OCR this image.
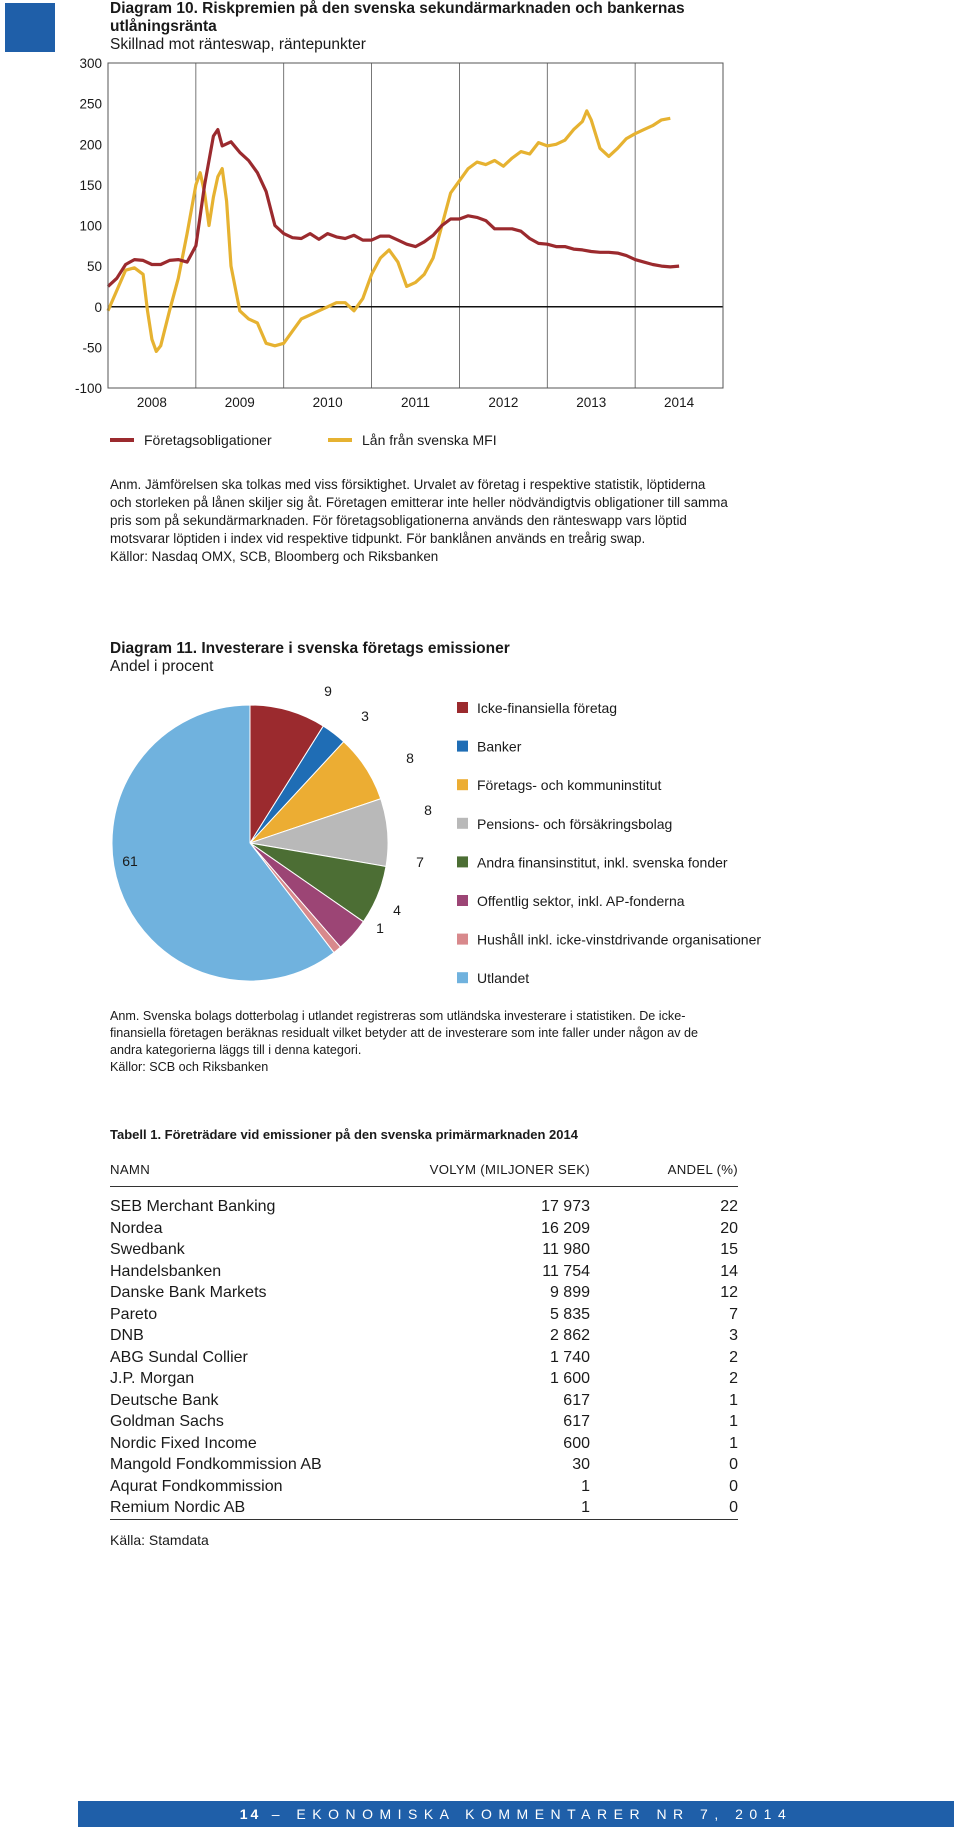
Diagram 10. Riskpremien på den svenska sekundärmarknaden och bankernas utlåningsränta
Skillnad mot ränteswap, räntepunkter
-100
-50
0
50
100
150
200
250
300
2008	2009	2010	2011	2012	2013	2014
Företagsobligationer	Lån från svenska MFI
Anm. Jämförelsen ska tolkas med viss försiktighet. Urvalet av företag i respektive statistik, löptiderna och storleken på lånen skiljer sig åt. Företagen emitterar inte heller nödvändigtvis obligationer till samma pris som på sekundärmarknaden. För företagsobligationerna används den ränteswapp vars löptid motsvarar löptiden i index vid respektive tidpunkt. För banklånen används en treårig swap.
Källor: Nasdaq OMX, SCB, Bloomberg och Riksbanken
Diagram 11. Investerare i svenska företags emissioner
Andel i procent
9
3
8
8
7
4
1
61
Icke-finansiella företag
Banker
Företags- och kommuninstitut
Pensions- och försäkringsbolag
Andra finansinstitut, inkl. svenska fonder
Offentlig sektor, inkl. AP-fonderna
Hushåll inkl. icke-vinstdrivande organisationer
Utlandet
Anm. Svenska bolags dotterbolag i utlandet registreras som utländska investerare i statistiken. De icke-finansiella företagen beräknas residualt vilket betyder att de investerare som inte faller under någon av de andra kategorierna läggs till i denna kategori.
Källor: SCB och Riksbanken
Tabell 1. Företrädare vid emissioner på den svenska primärmarknaden 2014
NAMN	VOLYM (MILJONER SEK)	ANDEL (%)
SEB Merchant Banking	17 973	22
Nordea	16 209	20
Swedbank	11 980	15
Handelsbanken	11 754	14
Danske Bank Markets	9 899	12
Pareto	5 835	7
DNB	2 862	3
ABG Sundal Collier	1 740	2
J.P. Morgan	1 600	2
Deutsche Bank	617	1
Goldman Sachs	617	1
Nordic Fixed Income	600	1
Mangold Fondkommission AB	30	0
Aqurat Fondkommission	1	0
Remium Nordic AB	1	0
Källa: Stamdata
14 – EKONOMISKA KOMMENTARER NR 7, 2014
